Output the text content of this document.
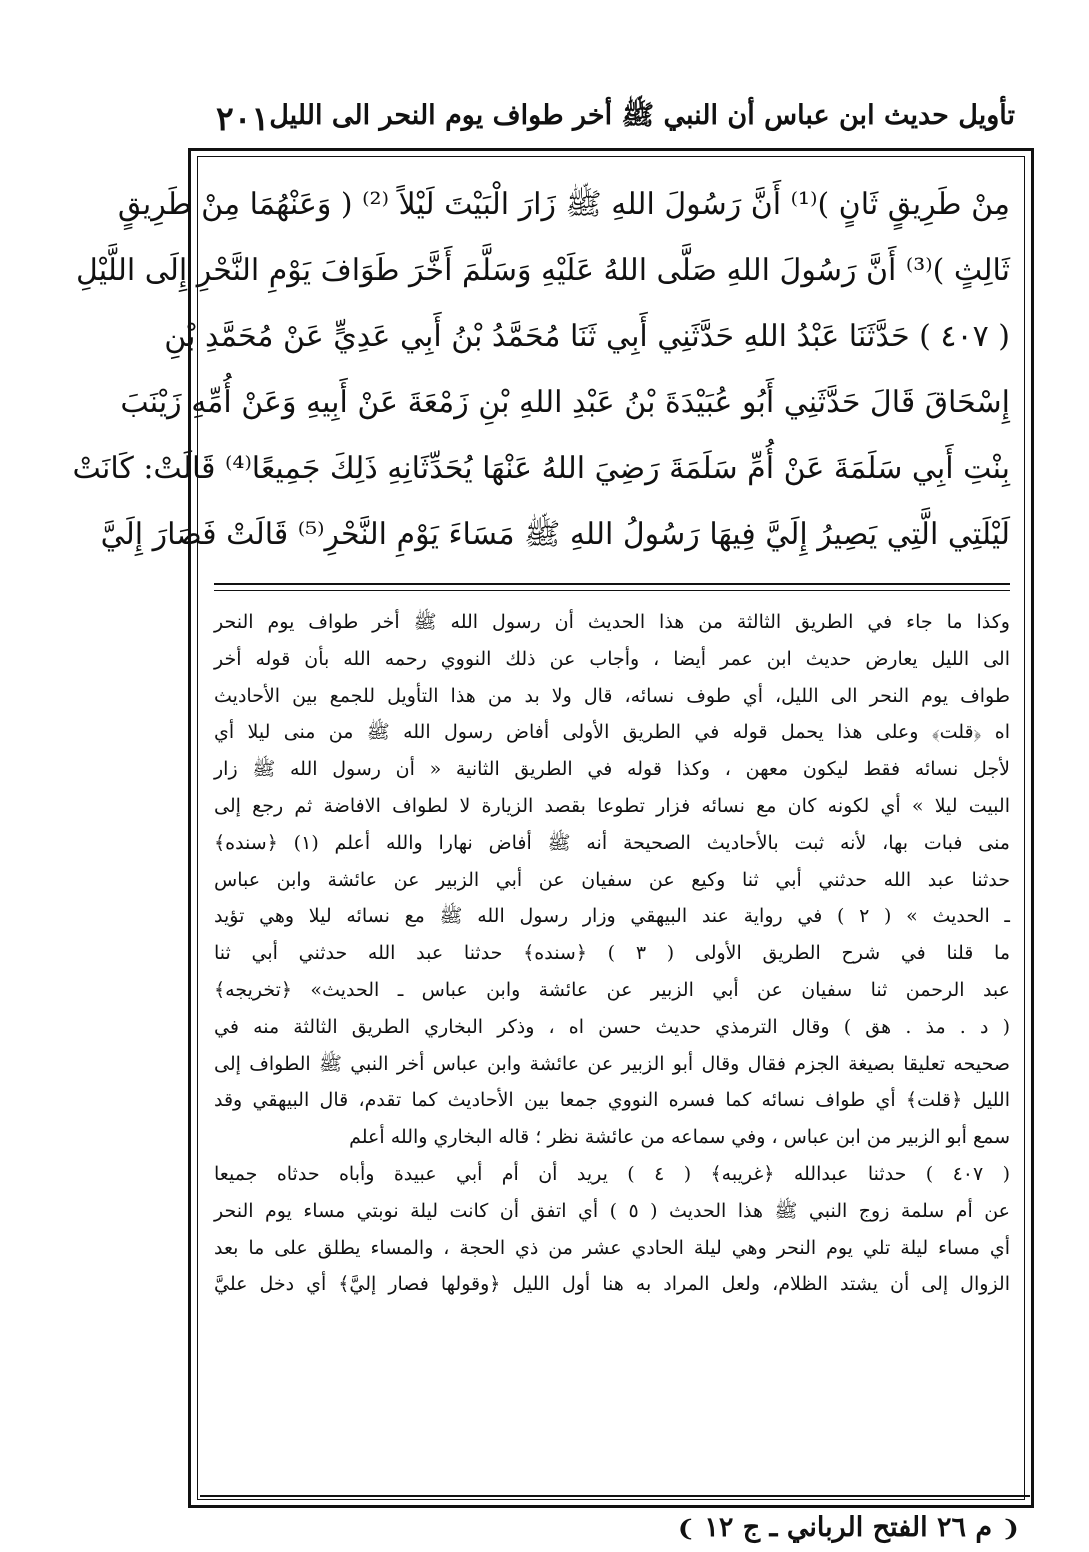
تأويل حديث ابن عباس أن النبي ﷺ أخر طواف يوم النحر الى الليل
٢٠١
مِنْ طَرِيقٍ ثَانٍ )⁽¹⁾ أَنَّ رَسُولَ اللهِ ﷺ زَارَ الْبَيْتَ لَيْلاً ⁽²⁾ ( وَعَنْهُمَا مِنْ طَرِيقٍ
ثَالِثٍ )⁽³⁾ أَنَّ رَسُولَ اللهِ صَلَّى اللهُ عَلَيْهِ وَسَلَّمَ أَخَّرَ طَوَافَ يَوْمِ النَّحْرِ إِلَى اللَّيْلِ
( ٤٠٧ ) حَدَّثَنَا عَبْدُ اللهِ حَدَّثَنِي أَبِي ثَنَا مُحَمَّدُ بْنُ أَبِي عَدِيٍّ عَنْ مُحَمَّدِ بْنِ
إِسْحَاقَ قَالَ حَدَّثَنِي أَبُو عُبَيْدَةَ بْنُ عَبْدِ اللهِ بْنِ زَمْعَةَ عَنْ أَبِيهِ وَعَنْ أُمِّهِ زَيْنَبَ
بِنْتِ أَبِي سَلَمَةَ عَنْ أُمِّ سَلَمَةَ رَضِيَ اللهُ عَنْهَا يُحَدِّثَانِهِ ذَلِكَ جَمِيعًا⁽⁴⁾ قَالَتْ: كَانَتْ
لَيْلَتِي الَّتِي يَصِيرُ إِلَيَّ فِيهَا رَسُولُ اللهِ ﷺ مَسَاءَ يَوْمِ النَّحْرِ⁽⁵⁾ قَالَتْ فَصَارَ إِلَيَّ
وكذا ما جاء في الطريق الثالثة من هذا الحديث أن رسول الله ﷺ أخر طواف يوم النحر
الى الليل يعارض حديث ابن عمر أيضا ، وأجاب عن ذلك النووي رحمه الله بأن قوله أخر
طواف يوم النحر الى الليل، أي طوف نسائه، قال ولا بد من هذا التأويل للجمع بين الأحاديث
اه ﴿قلت﴾ وعلى هذا يحمل قوله في الطريق الأولى أفاض رسول الله ﷺ من منى ليلا أي
لأجل نسائه فقط ليكون معهن ، وكذا قوله في الطريق الثانية « أن رسول الله ﷺ زار
البيت ليلا » أي لكونه كان مع نسائه فزار تطوعا بقصد الزيارة لا لطواف الافاضة ثم رجع إلى
منى فبات بها، لأنه ثبت بالأحاديث الصحيحة أنه ﷺ أفاض نهارا والله أعلم (١) ﴿سنده﴾
حدثنا عبد الله حدثني أبي ثنا وكيع عن سفيان عن أبي الزبير عن عائشة وابن عباس
ـ الحديث » ( ٢ ) في رواية عند البيهقي وزار رسول الله ﷺ مع نسائه ليلا وهي تؤيد
ما قلنا في شرح الطريق الأولى ( ٣ ) ﴿سنده﴾ حدثنا عبد الله حدثني أبي ثنا
عبد الرحمن ثنا سفيان عن أبي الزبير عن عائشة وابن عباس ـ الحديث» ﴿تخريجه﴾
( د . مذ . هق ) وقال الترمذي حديث حسن اه ، وذكر البخاري الطريق الثالثة منه في
صحيحه تعليقا بصيغة الجزم فقال وقال أبو الزبير عن عائشة وابن عباس أخر النبي ﷺ الطواف إلى
الليل ﴿قلت﴾ أي طواف نسائه كما فسره النووي جمعا بين الأحاديث كما تقدم، قال البيهقي وقد
سمع أبو الزبير من ابن عباس ، وفي سماعه من عائشة نظر ؛ قاله البخاري والله أعلم
( ٤٠٧ ) حدثنا عبدالله ﴿غريبه﴾ ( ٤ ) يريد أن أم أبي عبيدة وأباه حدثاه جميعا
عن أم سلمة زوج النبي ﷺ هذا الحديث ( ٥ ) أي اتفق أن كانت ليلة نوبتي مساء يوم النحر
أي مساء ليلة تلي يوم النحر وهي ليلة الحادي عشر من ذي الحجة ، والمساء يطلق على ما بعد
الزوال إلى أن يشتد الظلام، ولعل المراد به هنا أول الليل ﴿وقولها فصار إليَّ﴾ أي دخل عليَّ
❨ م ٢٦ الفتح الرباني ـ ج ١٢ ❩
